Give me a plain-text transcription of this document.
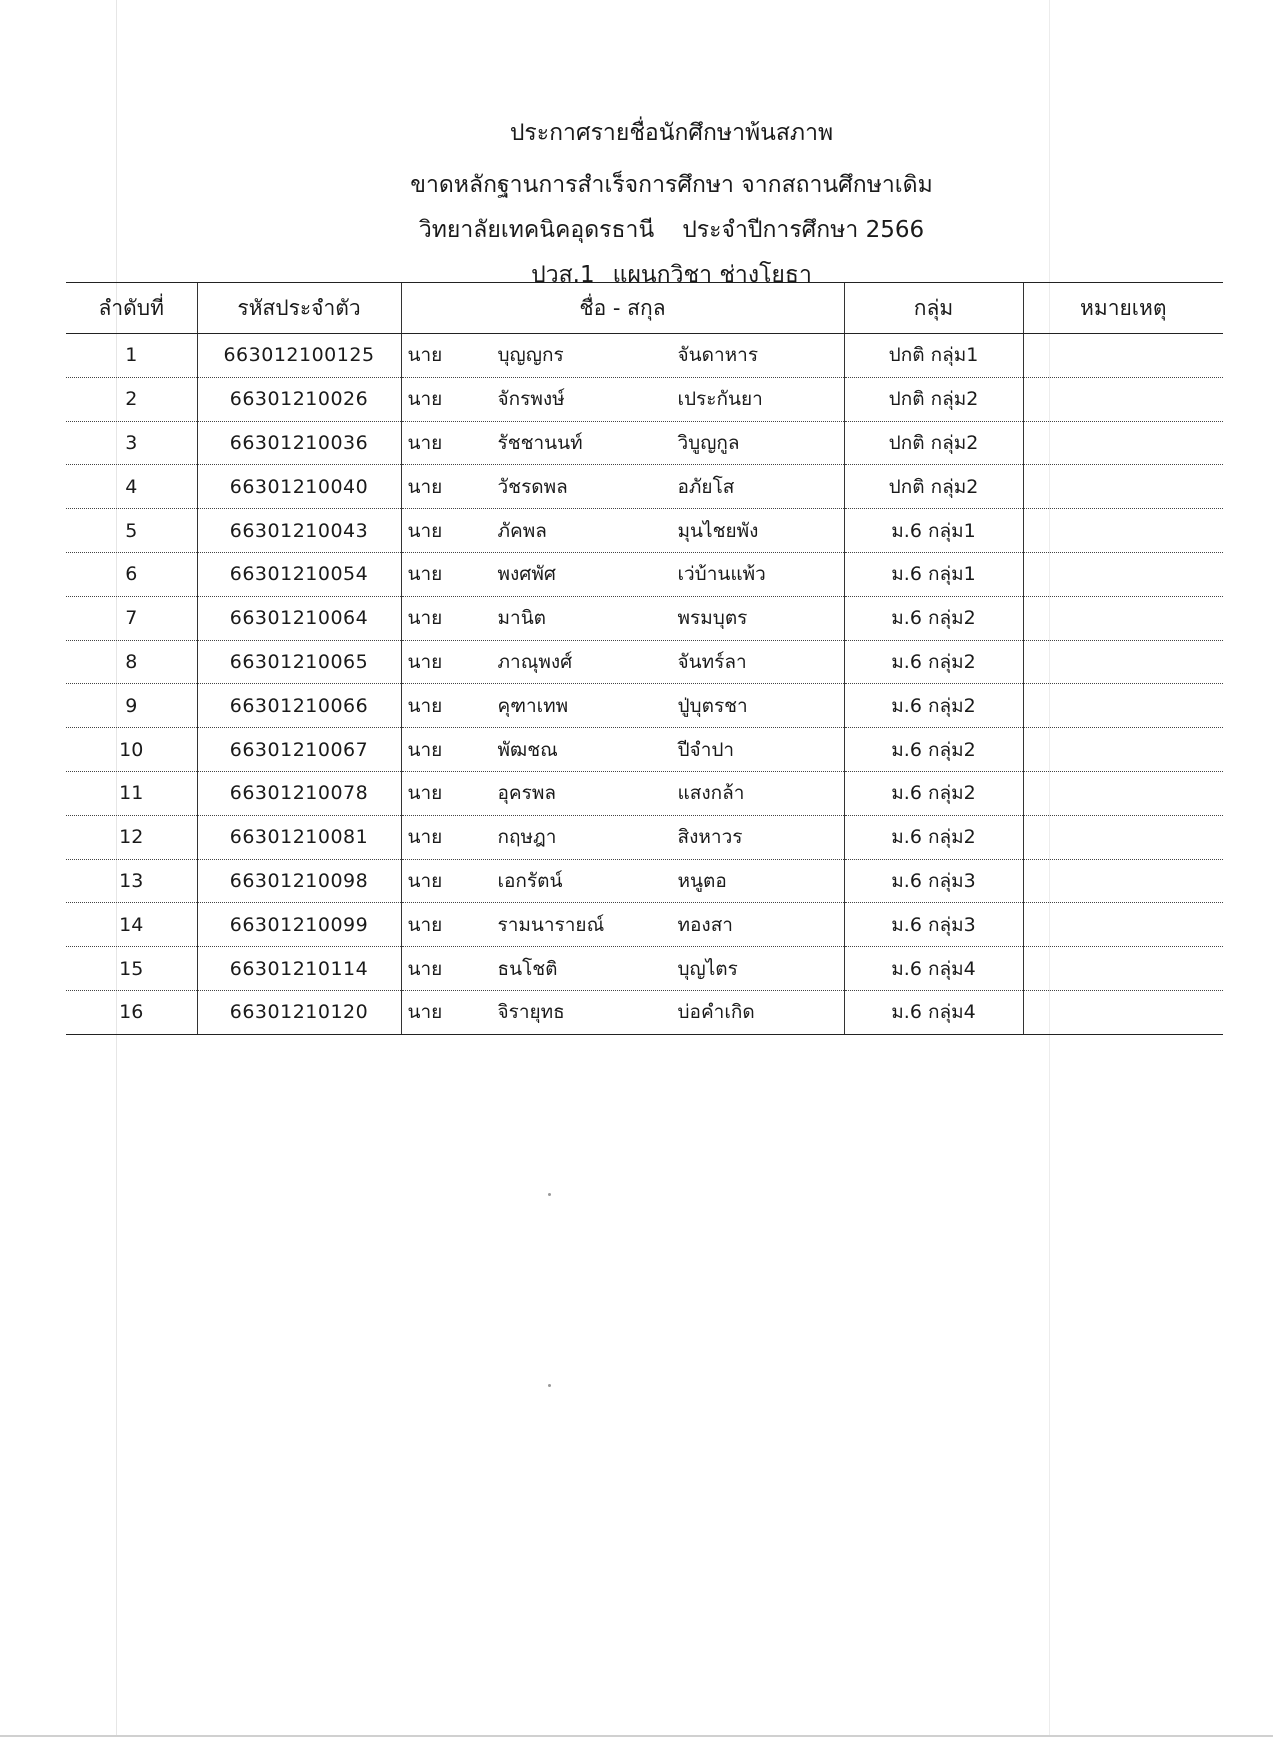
ประกาศรายชื่อนักศึกษาพ้นสภาพ
ขาดหลักฐานการสำเร็จการศึกษา จากสถานศึกษาเดิม
วิทยาลัยเทคนิคอุดรธานี ประจำปีการศึกษา 2566
ปวส.1 แผนกวิชา ช่างโยธา
ลำดับที่	รหัสประจำตัว	ชื่อ - สกุล	กลุ่ม	หมายเหตุ
1	663012100125	นาย บุญญกร จันดาหาร	ปกติ กลุ่ม1	
2	66301210026	นาย จักรพงษ์ เประกันยา	ปกติ กลุ่ม2	
3	66301210036	นาย รัชชานนท์ วิบูญกูล	ปกติ กลุ่ม2	
4	66301210040	นาย วัชรดพล อภัยโส	ปกติ กลุ่ม2	
5	66301210043	นาย ภัคพล มุนไชยพัง	ม.6 กลุ่ม1	
6	66301210054	นาย พงศพัศ เว่บ้านแพ้ว	ม.6 กลุ่ม1	
7	66301210064	นาย มานิต พรมบุตร	ม.6 กลุ่ม2	
8	66301210065	นาย ภาณุพงศ์ จันทร์ลา	ม.6 กลุ่ม2	
9	66301210066	นาย คุฑาเทพ ปู่บุตรชา	ม.6 กลุ่ม2	
10	66301210067	นาย พัฒชณ ปีจำปา	ม.6 กลุ่ม2	
11	66301210078	นาย อุครพล แสงกล้า	ม.6 กลุ่ม2	
12	66301210081	นาย กฤษฎา สิงหาวร	ม.6 กลุ่ม2	
13	66301210098	นาย เอกรัตน์ หนูตอ	ม.6 กลุ่ม3	
14	66301210099	นาย รามนารายณ์ ทองสา	ม.6 กลุ่ม3	
15	66301210114	นาย ธนโชติ บุญไตร	ม.6 กลุ่ม4	
16	66301210120	นาย จิรายุทธ บ่อคำเกิด	ม.6 กลุ่ม4	
